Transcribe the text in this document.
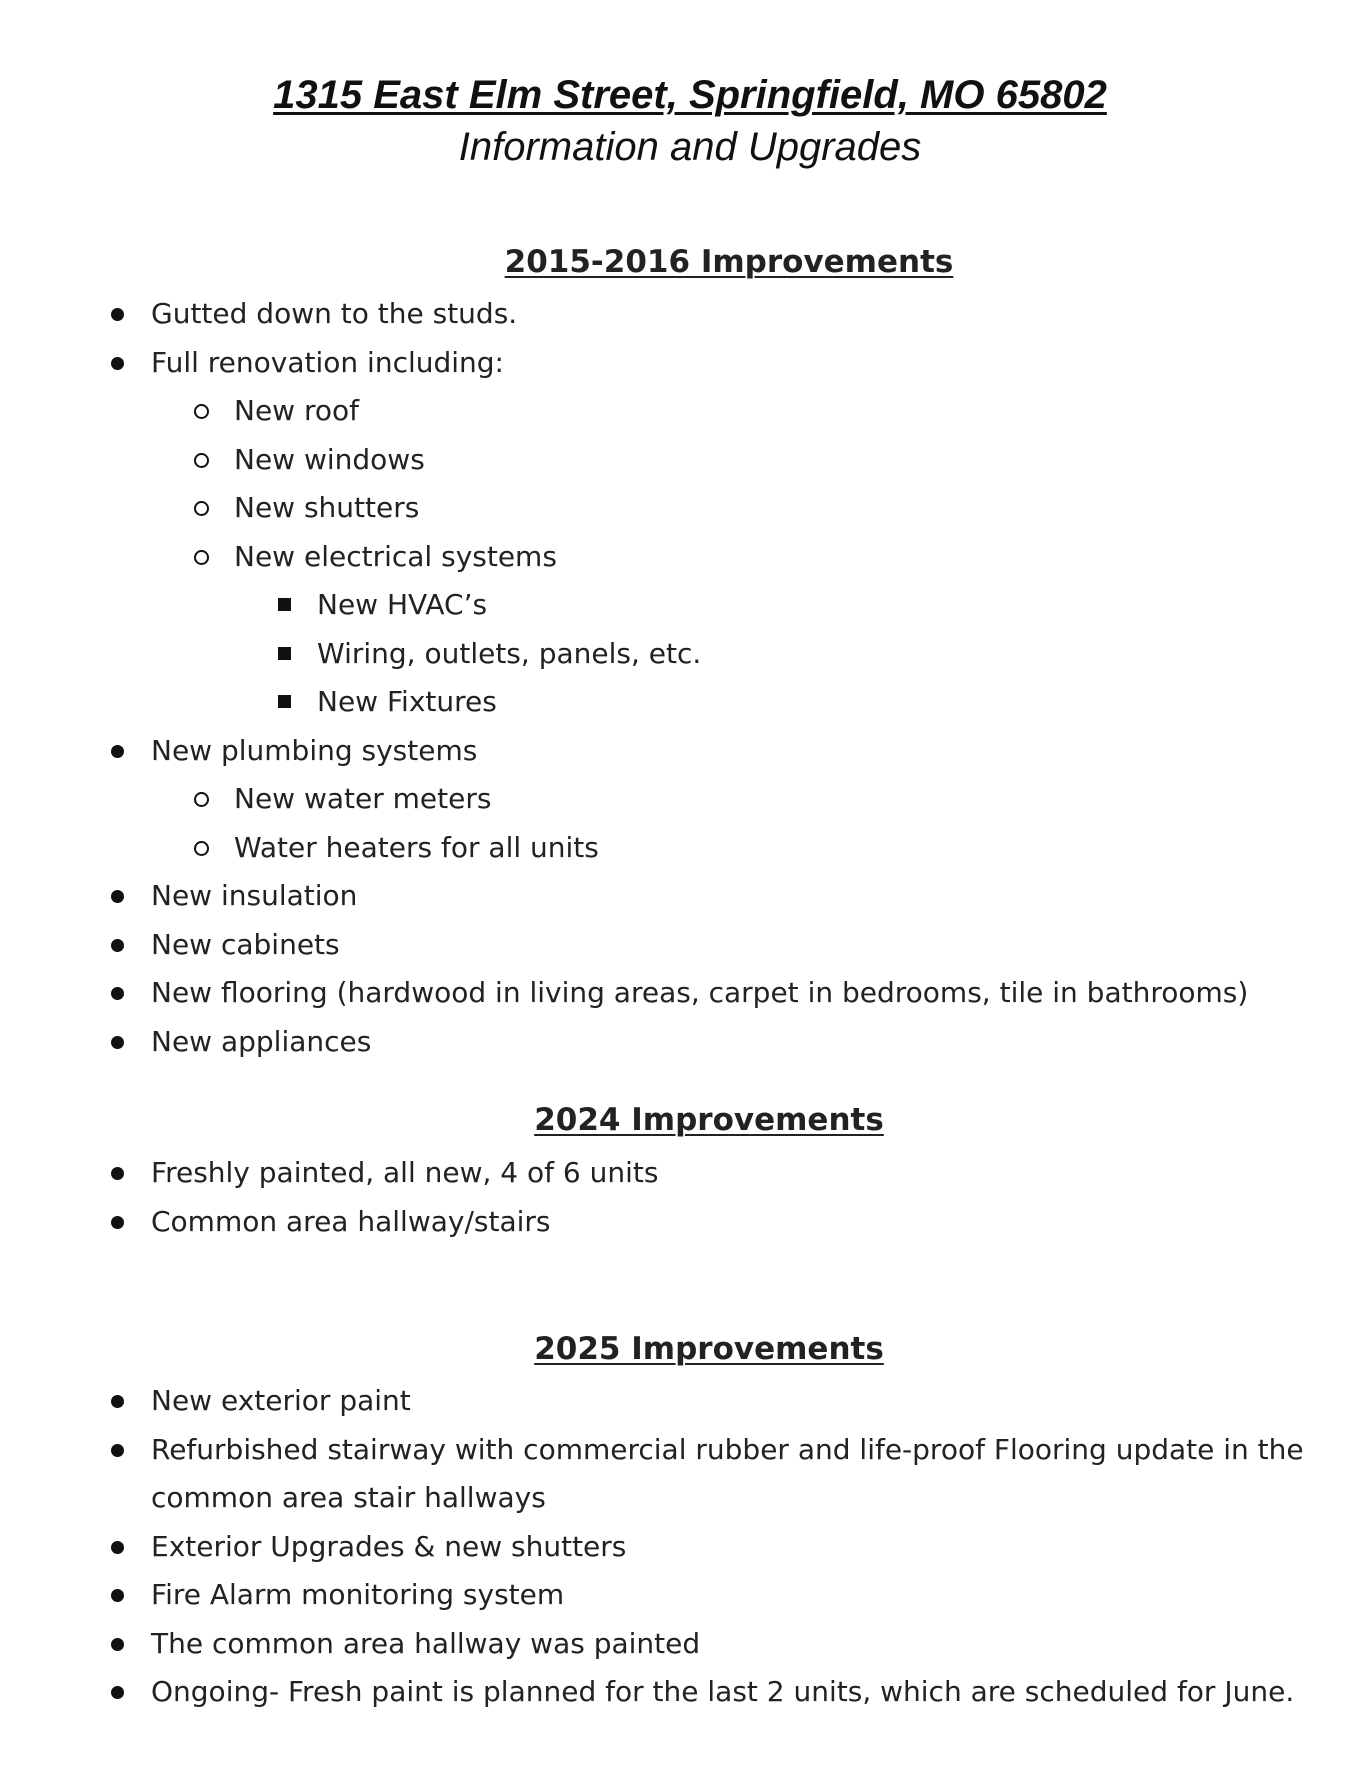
1315 East Elm Street, Springfield, MO 65802
Information and Upgrades
2015-2016 Improvements
Gutted down to the studs.
Full renovation including:
New roof
New windows
New shutters
New electrical systems
New HVAC’s
Wiring, outlets, panels, etc.
New Fixtures
New plumbing systems
New water meters
Water heaters for all units
New insulation
New cabinets
New flooring (hardwood in living areas, carpet in bedrooms, tile in bathrooms)
New appliances
2024 Improvements
Freshly painted, all new, 4 of 6 units
Common area hallway/stairs
2025 Improvements
New exterior paint
Refurbished stairway with commercial rubber and life-proof Flooring update in the common area stair hallways
Exterior Upgrades & new shutters
Fire Alarm monitoring system
The common area hallway was painted
Ongoing- Fresh paint is planned for the last 2 units, which are scheduled for June.
